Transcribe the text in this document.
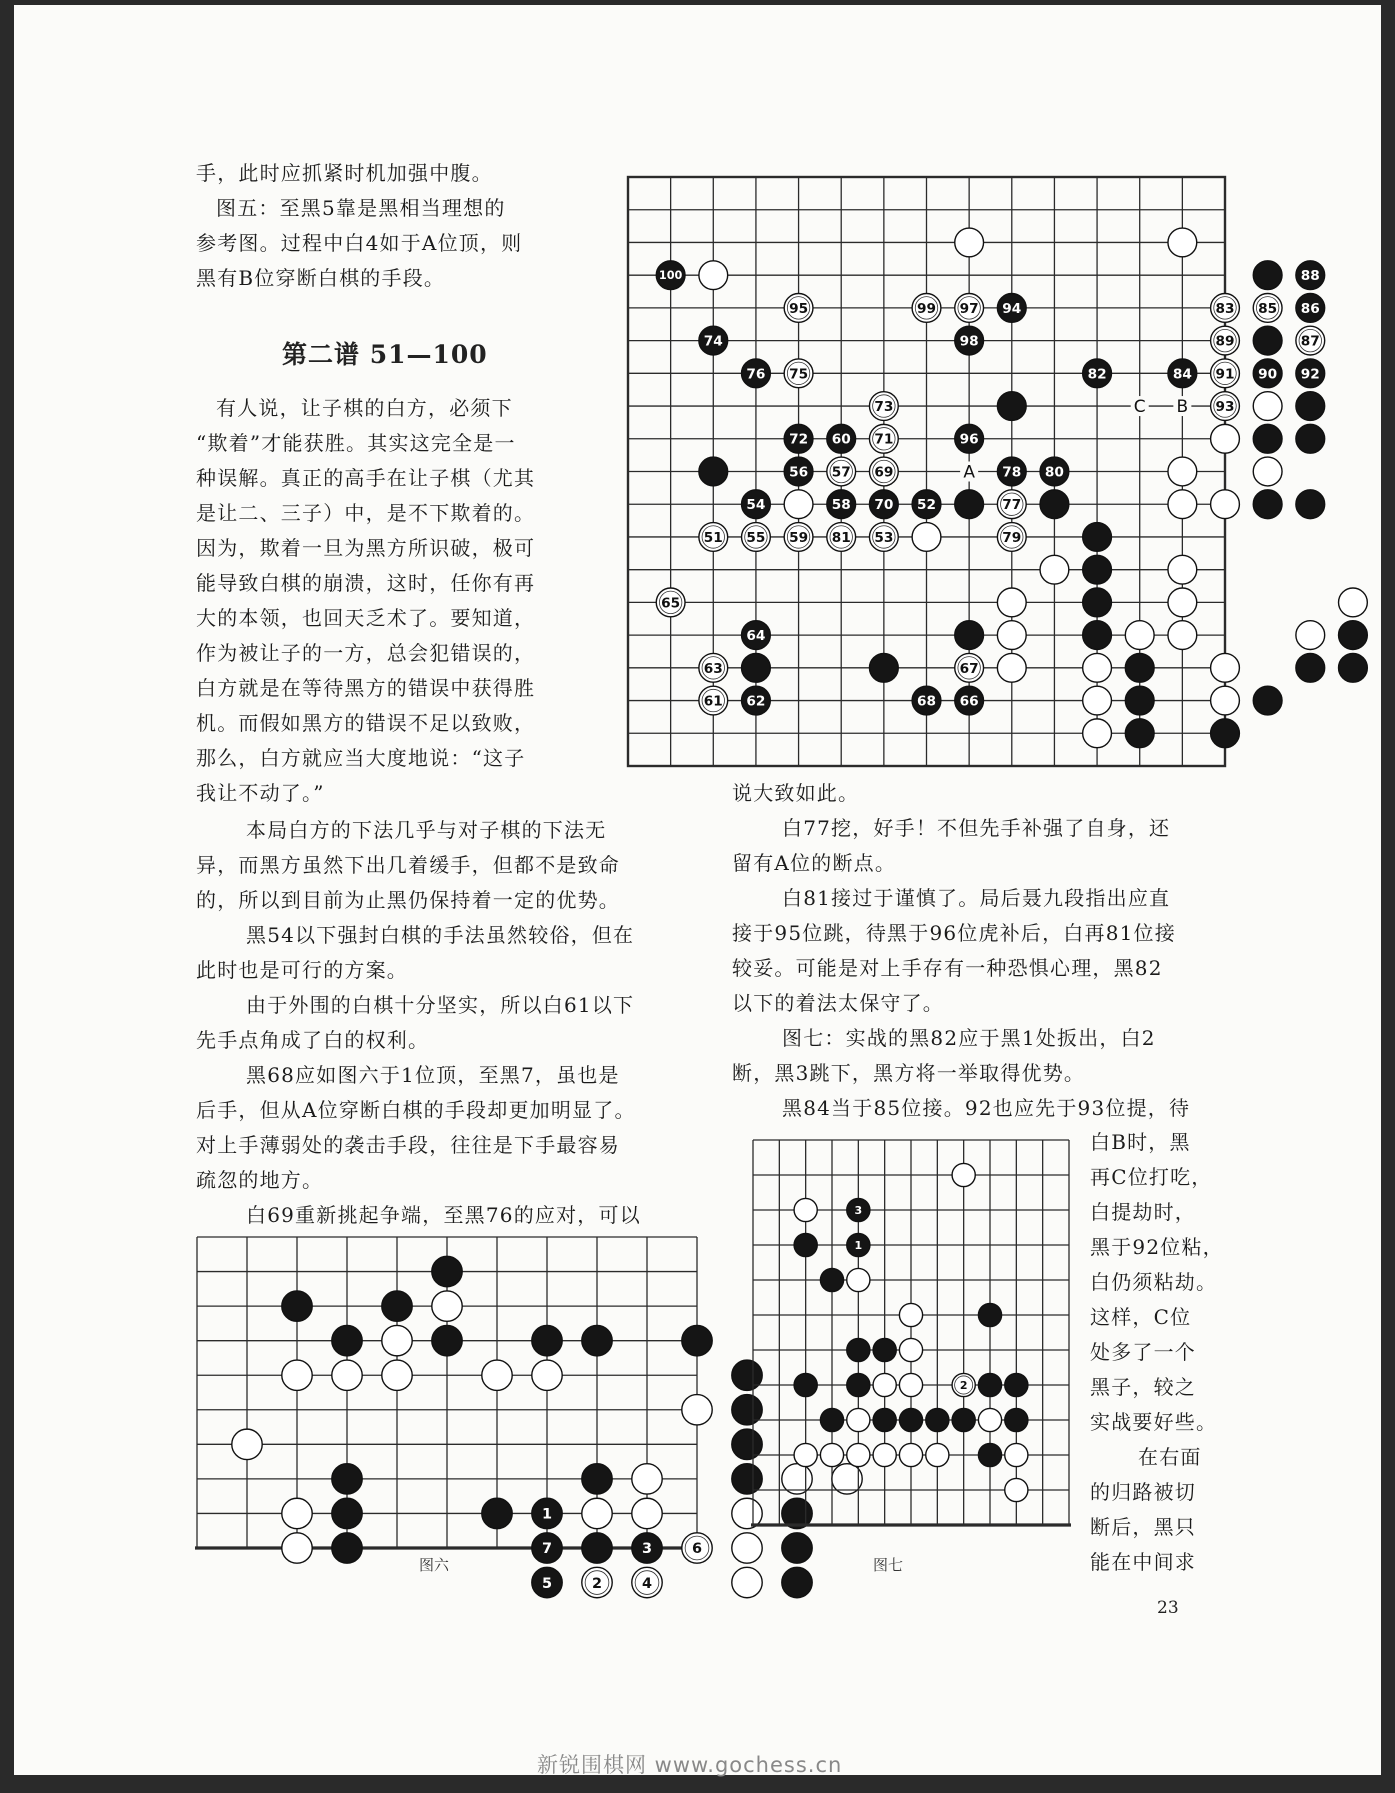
手，此时应抓紧时机加强中腹。

图五：至黑5靠是黑相当理想的

参考图。过程中白4如于A位顶，则

黑有B位穿断白棋的手段。

第二谱 51—100

有人说，让子棋的白方，必须下

“欺着”才能获胜。其实这完全是一

种误解。真正的高手在让子棋（尤其

是让二、三子）中，是不下欺着的。

因为，欺着一旦为黑方所识破，极可

能导致白棋的崩溃，这时，任你有再

大的本领，也回天乏术了。要知道，

作为被让子的一方，总会犯错误的，

白方就是在等待黑方的错误中获得胜

机。而假如黑方的错误不足以致败，

那么，白方就应当大度地说：“这子

我让不动了。”

本局白方的下法几乎与对子棋的下法无

异，而黑方虽然下出几着缓手，但都不是致命

的，所以到目前为止黑仍保持着一定的优势。

黑54以下强封白棋的手法虽然较俗，但在

此时也是可行的方案。

由于外围的白棋十分坚实，所以白61以下

先手点角成了白的权利。

黑68应如图六于1位顶，至黑7，虽也是

后手，但从A位穿断白棋的手段却更加明显了。

对上手薄弱处的袭击手段，往往是下手最容易

疏忽的地方。

白69重新挑起争端，至黑76的应对，可以

说大致如此。

白77挖，好手！不但先手补强了自身，还

留有A位的断点。

白81接过于谨慎了。局后聂九段指出应直

接于95位跳，待黑于96位虎补后，白再81位接

较妥。可能是对上手存有一种恐惧心理，黑82

以下的着法太保守了。

图七：实战的黑82应于黑1处扳出，白2

断，黑3跳下，黑方将一举取得优势。

黑84当于85位接。92也应先于93位提，待

白B时，黑

再C位打吃，

白提劫时，

黑于92位粘，

白仍须粘劫。

这样，C位

处多了一个

黑子，较之

实战要好些。

在右面

的归路被切

断后，黑只

能在中间求

A
C B
100	88
95	99 97 94	83 85 86
74	98	89	87
76 75	82	84 91 90 92
73	93
72 60 71	96
56 57 69	78 80
54	58 70 52	77
51 55 59 81 53	79
65
64
63	67
61 62	68 66
1
7	3	6
5	2	4
3
1
2
图六	图七
23
新锐围棋网 www.gochess.cn
